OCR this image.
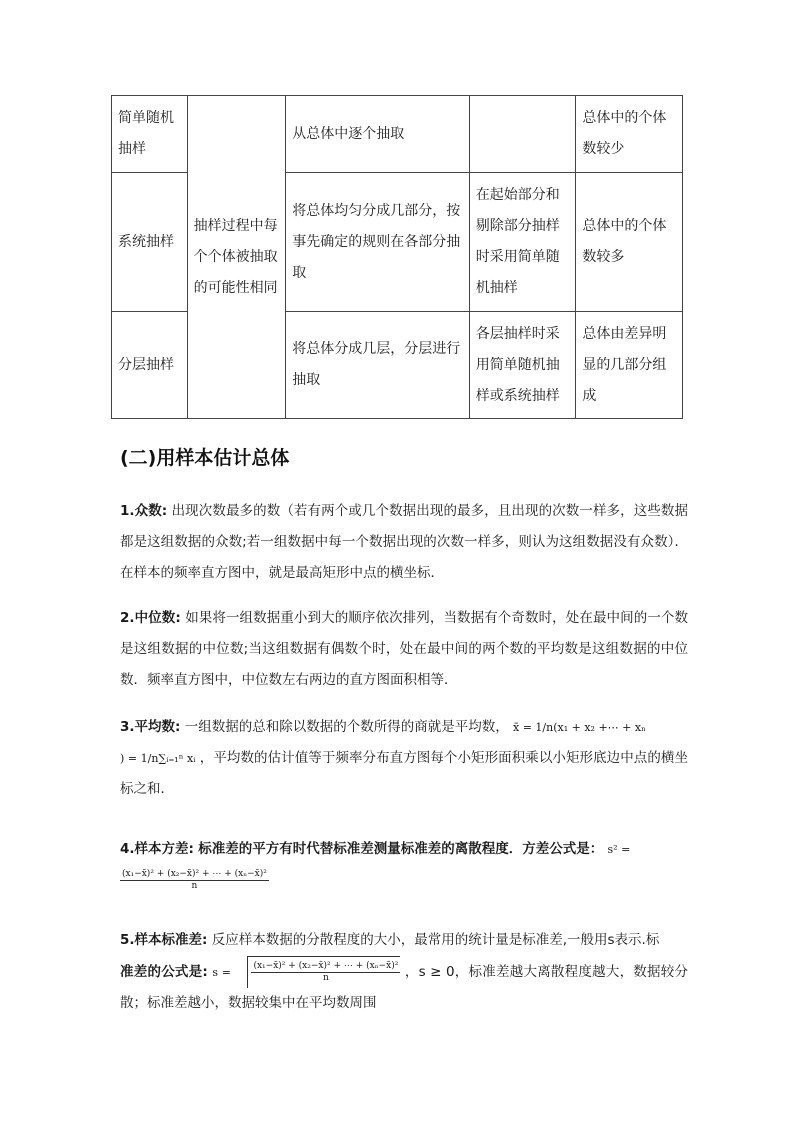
简单随机抽样	抽样过程中每个个体被抽取的可能性相同	从总体中逐个抽取		总体中的个体数较少
系统抽样		将总体均匀分成几部分，按事先确定的规则在各部分抽取	在起始部分和剔除部分抽样时采用简单随机抽样	总体中的个体数较多
分层抽样		将总体分成几层，分层进行抽取	各层抽样时采用简单随机抽样或系统抽样	总体由差异明显的几部分组成
(二)用样本估计总体
1.众数: 出现次数最多的数（若有两个或几个数据出现的最多，且出现的次数一样多，这些数据都是这组数据的众数;若一组数据中每一个数据出现的次数一样多，则认为这组数据没有众数）．在样本的频率直方图中，就是最高矩形中点的横坐标．
2.中位数: 如果将一组数据重小到大的顺序依次排列，当数据有个奇数时，处在最中间的一个数是这组数据的中位数;当这组数据有偶数个时，处在最中间的两个数的平均数是这组数据的中位数．频率直方图中，中位数左右两边的直方图面积相等．
3.平均数: 一组数据的总和除以数据的个数所得的商就是平均数， x̄ = 1/n(x₁ + x₂ +⋯ + xₙ
) = 1/n∑ᵢ₌₁ⁿ xᵢ ，平均数的估计值等于频率分布直方图每个小矩形面积乘以小矩形底边中点的横坐标之和．
4.样本方差: 标准差的平方有时代替标准差测量标准差的离散程度．方差公式是： s² =

$\frac{\text{(x₁−x̄)² + (x₂−x̄)² + ⋯ + (xₙ−x̄)²}}{n}$
5.样本标准差: 反应样本数据的分散程度的大小，最常用的统计量是标准差,一般用s表示.标
准差的公式是: $s = \frac{\text{(x₁−x̄)² + (x₂−x̄)² + ⋯ + (xₙ−x̄)²}}{n}$ ，s ≥ 0，标准差越大离散程度越大，数据较分散；标准差越小，数据较集中在平均数周围
